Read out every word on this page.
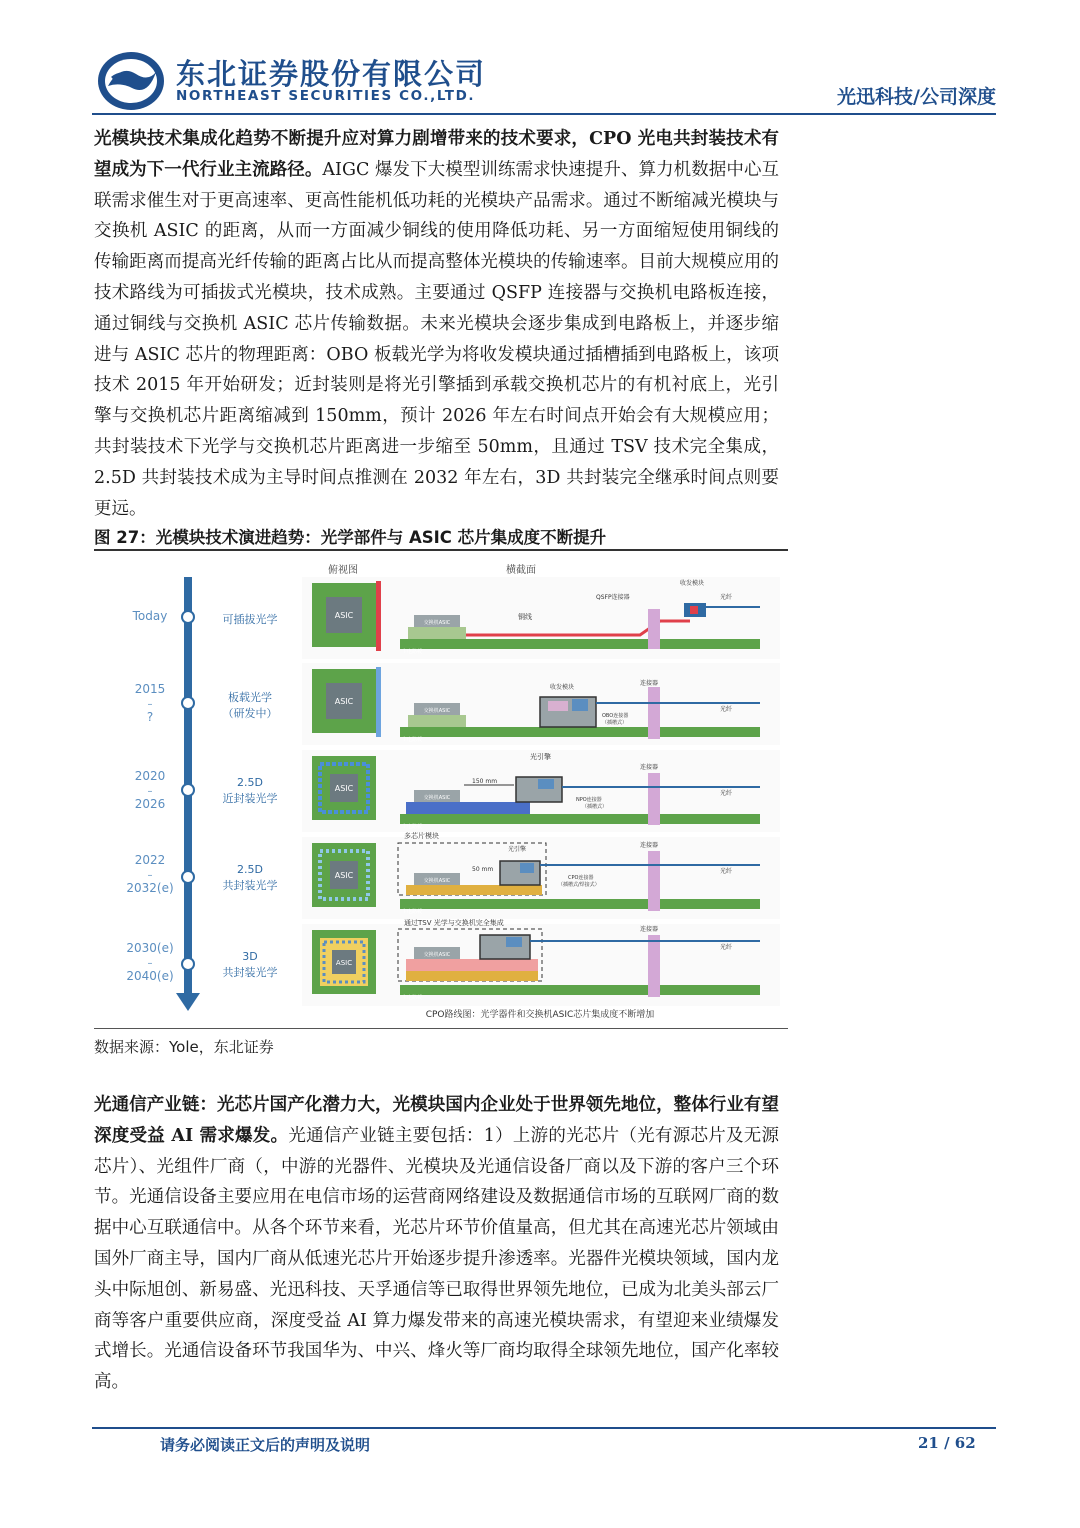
东北证券股份有限公司
NORTHEAST SECURITIES CO.,LTD.	光迅科技/公司深度
光模块技术集成化趋势不断提升应对算力剧增带来的技术要求，CPO 光电共封装技术有望成为下一代行业主流路径。AIGC 爆发下大模型训练需求快速提升、算力机数据中心互联需求催生对于更高速率、更高性能机低功耗的光模块产品需求。通过不断缩减光模块与交换机 ASIC 的距离，从而一方面减少铜线的使用降低功耗、另一方面缩短使用铜线的传输距离而提高光纤传输的距离占比从而提高整体光模块的传输速率。目前大规模应用的技术路线为可插拔式光模块，技术成熟。主要通过 QSFP 连接器与交换机电路板连接，通过铜线与交换机 ASIC 芯片传输数据。未来光模块会逐步集成到电路板上，并逐步缩进与 ASIC 芯片的物理距离：OBO 板载光学为将收发模块通过插槽插到电路板上，该项技术 2015 年开始研发；近封装则是将光引擎插到承载交换机芯片的有机衬底上，光引擎与交换机芯片距离缩减到 150mm，预计 2026 年左右时间点开始会有大规模应用；共封装技术下光学与交换机芯片距离进一步缩至 50mm，且通过 TSV 技术完全集成，2.5D 共封装技术成为主导时间点推测在 2032 年左右，3D 共封装完全继承时间点则要更远。
图 27：光模块技术演进趋势：光学部件与 ASIC 芯片集成度不断提升
俯视图	横截面
Today	可插拔光学	ASIC
交换机ASIC
主电路板
铜线
QSFP连接器
收发模块
光纤
2015
–
?
板载光学
（研发中）
ASIC
交换机ASIC
主电路板
收发模块
连接器
光纤
OBO连接器
（插槽式）
2020
–
2026
2.5D
近封装光学
ASIC
交换机ASIC
主电路板
150 mm
光引擎
连接器
光纤
NPO连接器
（插槽式）
2022
–
2032(e)
2.5D
共封装光学
ASIC
多芯片模块
交换机ASIC
主电路板
50 mm
光引擎
连接器
光纤
CPO连接器
（插槽式/焊接式）
2030(e)
–
2040(e)
3D
共封装光学
ASIC
通过TSV 光学与交换机完全集成
交换机ASIC
主电路板
连接器
光纤
CPO路线图：光学器件和交换机ASIC芯片集成度不断增加
数据来源：Yole，东北证券
光通信产业链：光芯片国产化潜力大，光模块国内企业处于世界领先地位，整体行业有望深度受益 AI 需求爆发。光通信产业链主要包括：1）上游的光芯片（光有源芯片及无源芯片）、光组件厂商（，中游的光器件、光模块及光通信设备厂商以及下游的客户三个环节。光通信设备主要应用在电信市场的运营商网络建设及数据通信市场的互联网厂商的数据中心互联通信中。从各个环节来看，光芯片环节价值量高，但尤其在高速光芯片领域由国外厂商主导，国内厂商从低速光芯片开始逐步提升渗透率。光器件光模块领域，国内龙头中际旭创、新易盛、光迅科技、天孚通信等已取得世界领先地位，已成为北美头部云厂商等客户重要供应商，深度受益 AI 算力爆发带来的高速光模块需求，有望迎来业绩爆发式增长。光通信设备环节我国华为、中兴、烽火等厂商均取得全球领先地位，国产化率较高。
请务必阅读正文后的声明及说明	21 / 62
